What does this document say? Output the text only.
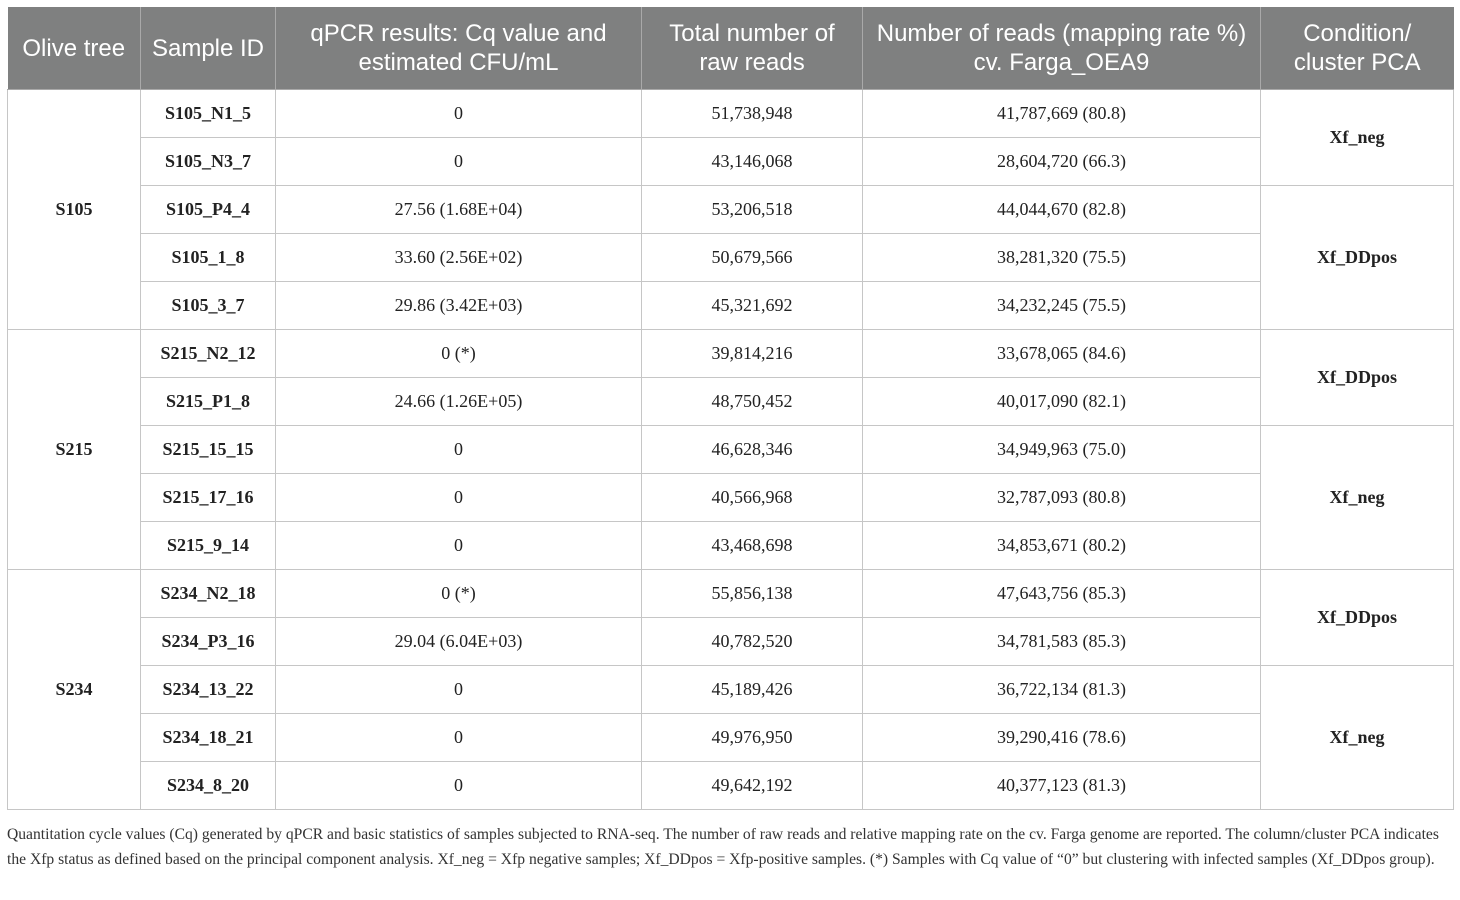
Olive tree	Sample ID	qPCR results: Cq value and estimated CFU/mL	Total number of raw reads	Number of reads (mapping rate %) cv. Farga_OEA9	Condition/ cluster PCA
S105	S105_N1_5	0	51,738,948	41,787,669 (80.8)	Xf_neg
	S105_N3_7	0	43,146,068	28,604,720 (66.3)	
	S105_P4_4	27.56 (1.68E+04)	53,206,518	44,044,670 (82.8)	Xf_DDpos
	S105_1_8	33.60 (2.56E+02)	50,679,566	38,281,320 (75.5)	
	S105_3_7	29.86 (3.42E+03)	45,321,692	34,232,245 (75.5)	
S215	S215_N2_12	0 (*)	39,814,216	33,678,065 (84.6)	Xf_DDpos
	S215_P1_8	24.66 (1.26E+05)	48,750,452	40,017,090 (82.1)	
	S215_15_15	0	46,628,346	34,949,963 (75.0)	Xf_neg
	S215_17_16	0	40,566,968	32,787,093 (80.8)	
	S215_9_14	0	43,468,698	34,853,671 (80.2)	
S234	S234_N2_18	0 (*)	55,856,138	47,643,756 (85.3)	Xf_DDpos
	S234_P3_16	29.04 (6.04E+03)	40,782,520	34,781,583 (85.3)	
	S234_13_22	0	45,189,426	36,722,134 (81.3)	Xf_neg
	S234_18_21	0	49,976,950	39,290,416 (78.6)	
	S234_8_20	0	49,642,192	40,377,123 (81.3)	
Quantitation cycle values (Cq) generated by qPCR and basic statistics of samples subjected to RNA-seq. The number of raw reads and relative mapping rate on the cv. Farga genome are reported. The column/cluster PCA indicates the Xfp status as defined based on the principal component analysis. Xf_neg = Xfp negative samples; Xf_DDpos = Xfp-positive samples. (*) Samples with Cq value of “0” but clustering with infected samples (Xf_DDpos group).
